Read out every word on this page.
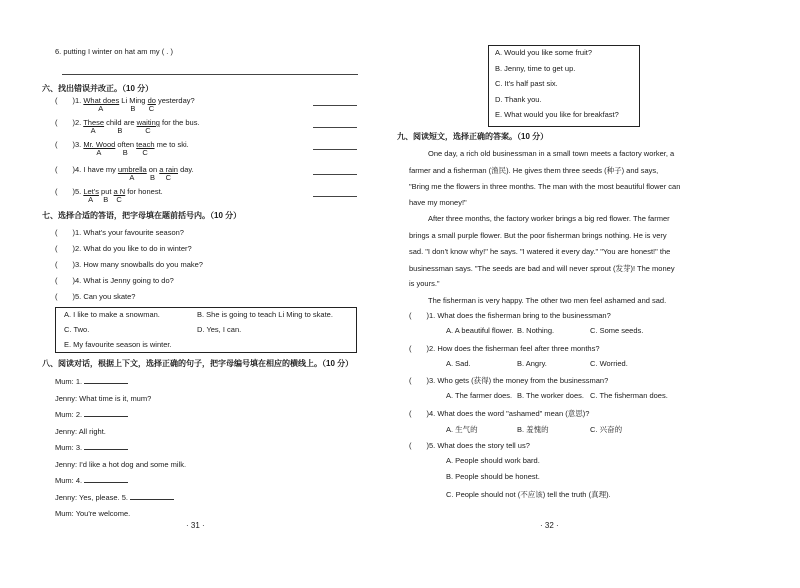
6. putting I winter on hat am my ( . )
六、找出错误并改正。（10 分）
(　　)1. What does Li Ming do yesterday?
A	B C
(　　)2. These child are waiting for the bus.
A	B	C
(　　)3. Mr. Wood often teach me to ski.
A	B C
(　　)4. I have my umbrella on a rain day.
A B C
(　　)5. Let's put a N for honest.
A B C
七、选择合适的答语，把字母填在题前括号内。（10 分）
(　　)1. What's your favourite season?
(　　)2. What do you like to do in winter?
(　　)3. How many snowballs do you make?
(　　)4. What is Jenny going to do?
(　　)5. Can you skate?
A. I like to make a snowman.	B. She is going to teach Li Ming to skate.
C. Two.	D. Yes, I can.
E. My favourite season is winter.
八、阅读对话，根据上下文，选择正确的句子，把字母编号填在相应的横线上。（10 分）
Mum: 1.
Jenny: What time is it, mum?
Mum: 2.
Jenny: All right.
Mum: 3.
Jenny: I'd like a hot dog and some milk.
Mum: 4.
Jenny: Yes, please. 5.
Mum: You're welcome.
· 31 ·
A. Would you like some fruit?
B. Jenny, time to get up.
C. It's half past six.
D. Thank you.
E. What would you like for breakfast?
九、阅读短文，选择正确的答案。（10 分）
One day, a rich old businessman in a small town meets a factory worker, a
farmer and a fisherman (渔民). He gives them three seeds (种子) and says,
"Bring me the flowers in three months. The man with the most beautiful flower can
have my money!"
After three months, the factory worker brings a big red flower. The farmer
brings a small purple flower. But the poor fisherman brings nothing. He is very
sad. "I don't know why!" he says. "I watered it every day." "You are honest!" the
businessman says. "The seeds are bad and will never sprout (发芽)! The money
is yours."
The fisherman is very happy. The other two men feel ashamed and sad.
(　　)1. What does the fisherman bring to the businessman?
A. A beautiful flower. B. Nothing.	C. Some seeds.
(　　)2. How does the fisherman feel after three months?
A. Sad.	B. Angry.	C. Worried.
(　　)3. Who gets (获得) the money from the businessman?
A. The farmer does. B. The worker does. C. The fisherman does.
(　　)4. What does the word "ashamed" mean (意思)?
A. 生气的	B. 羞愧的	C. 兴奋的
(　　)5. What does the story tell us?
A. People should work bard.
B. People should be honest.
C. People should not (不应该) tell the truth (真理).
· 32 ·
